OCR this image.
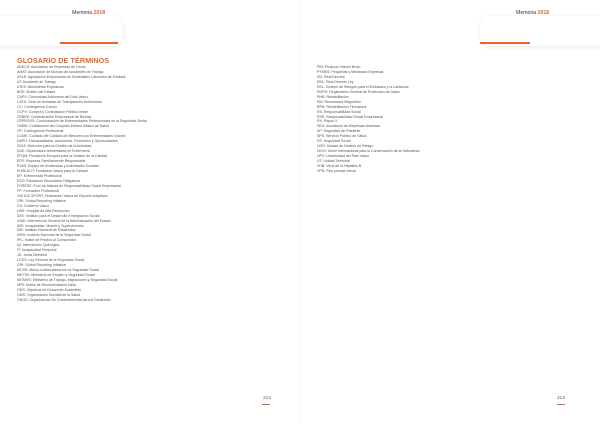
Memoria 2018
GLOSARIO DE TÉRMINOS
ADECE: Asociación de Empresas de Ceuta
AMAT: Asociación de Mutuas de Accidentes de Trabajo
ASLE: Agrupación Empresarial de Sociedades Laborales de Euskadi
AT: Accidente de Trabajo
ATEX: Atmósferas Explosivas
BOE: Boletín del Estado
CAPV: Comunidad Autónoma del País Vasco
CATA: Cese de Actividad de Trabajadores Autónomos
CC: Contingencia Común
CCPV: Compra y Contratación Pública Verde
CEBEK: Confederación Empresarial de Bizkaia
CEPROSS: Comunicación de Enfermedades Profesionales en la Seguridad Social
CMBD: Codificación del Conjunto Mínimo Básico de Datos
CP: Contingencia Profesional
CUME: Cuidado del Cuidado de Menores con Enfermedades Graves
DAPO: Discapacitados, Autonomía, Formación y Oportunidades
DIGA: Dirección para la Gestión de la Actividad
DUE: Diplomatura Universitaria en Enfermería
EFQM: Fundación Europea para la Gestión de la Calidad
EFR: Empresa Familiarmente Responsable
EVAS: Equipo de Incidencias y Actividades Sociales
EUSKALIT: Fundación Vasca para la Calidad
EP: Enfermedad Profesional
ESO: Educación Secundaria Obligatoria
FORÉSE: Foro de Alianza de Responsabilidad Social Empresarial
FP: Formación Profesional
GAITUZ SPORT: Federación Vasca de Deporte Adaptado
GRI: Global Reporting Initiative
GV: Gobierno Vasco
HAR: Hospital de Alta Resolución
IDIS: Instituto para el Desarrollo e Integración Social
IGAE: Intervención General de la Administración del Estado
IMS: Incapacidad, Muerte y Supervivencia
INE: Instituto Nacional de Estadística
INSS: Instituto Nacional de la Seguridad Social
IPC: Índice de Precios al Consumidor
IQ: Intervención Quirúrgica
IT: Incapacidad Temporal
JD: Junta Directiva
LGSS: Ley General de la Seguridad Social
GRI: Global Reporting Initiative
MCSS: Mutua colaboradora con la Seguridad Social
MEYSS: Ministerio de Empleo y Seguridad Social
MITMSS: Ministerio de Trabajo, Migraciones y Seguridad Social
NPS: Índice de Recomendación Neta
ODS: Objetivos de Desarrollo Sostenible
OMS: Organización Mundial de la Salud
ONGD: Organización No Gubernamental para el Desarrollo
212
Memoria 2018
PBI: Producto Interior Bruto
PYMES: Pequeñas y Medianas Empresas
RD: Real Decreto
RDL: Real Decreto Ley
REL: Gestión de Riesgos para el Embarazo y la Lactancia
RGPD: Reglamento General de Protección de Datos
RHB: Rehabilitación
RM: Resonancia Magnética
RRB: Rehabilitación Timmdoria
RS: Responsabilidad Social
RSE: Responsabilidad Social Empresarial
RX: Rayos X
SEA: Asociación de Empresas Alavesas
SP: Seguridad del Paciente
SPS: Servicio Público de Salud
SS: Seguridad Social
UGR: Unidad de Gestión de Riesgo
UICN: Unión Internacional para la Conservación de la Naturaleza
UPV: Universidad del País Vasco
UT: Unidad Territorial
VHB: Virus de la Hepatitis B
VPN: Red privada virtual
213
